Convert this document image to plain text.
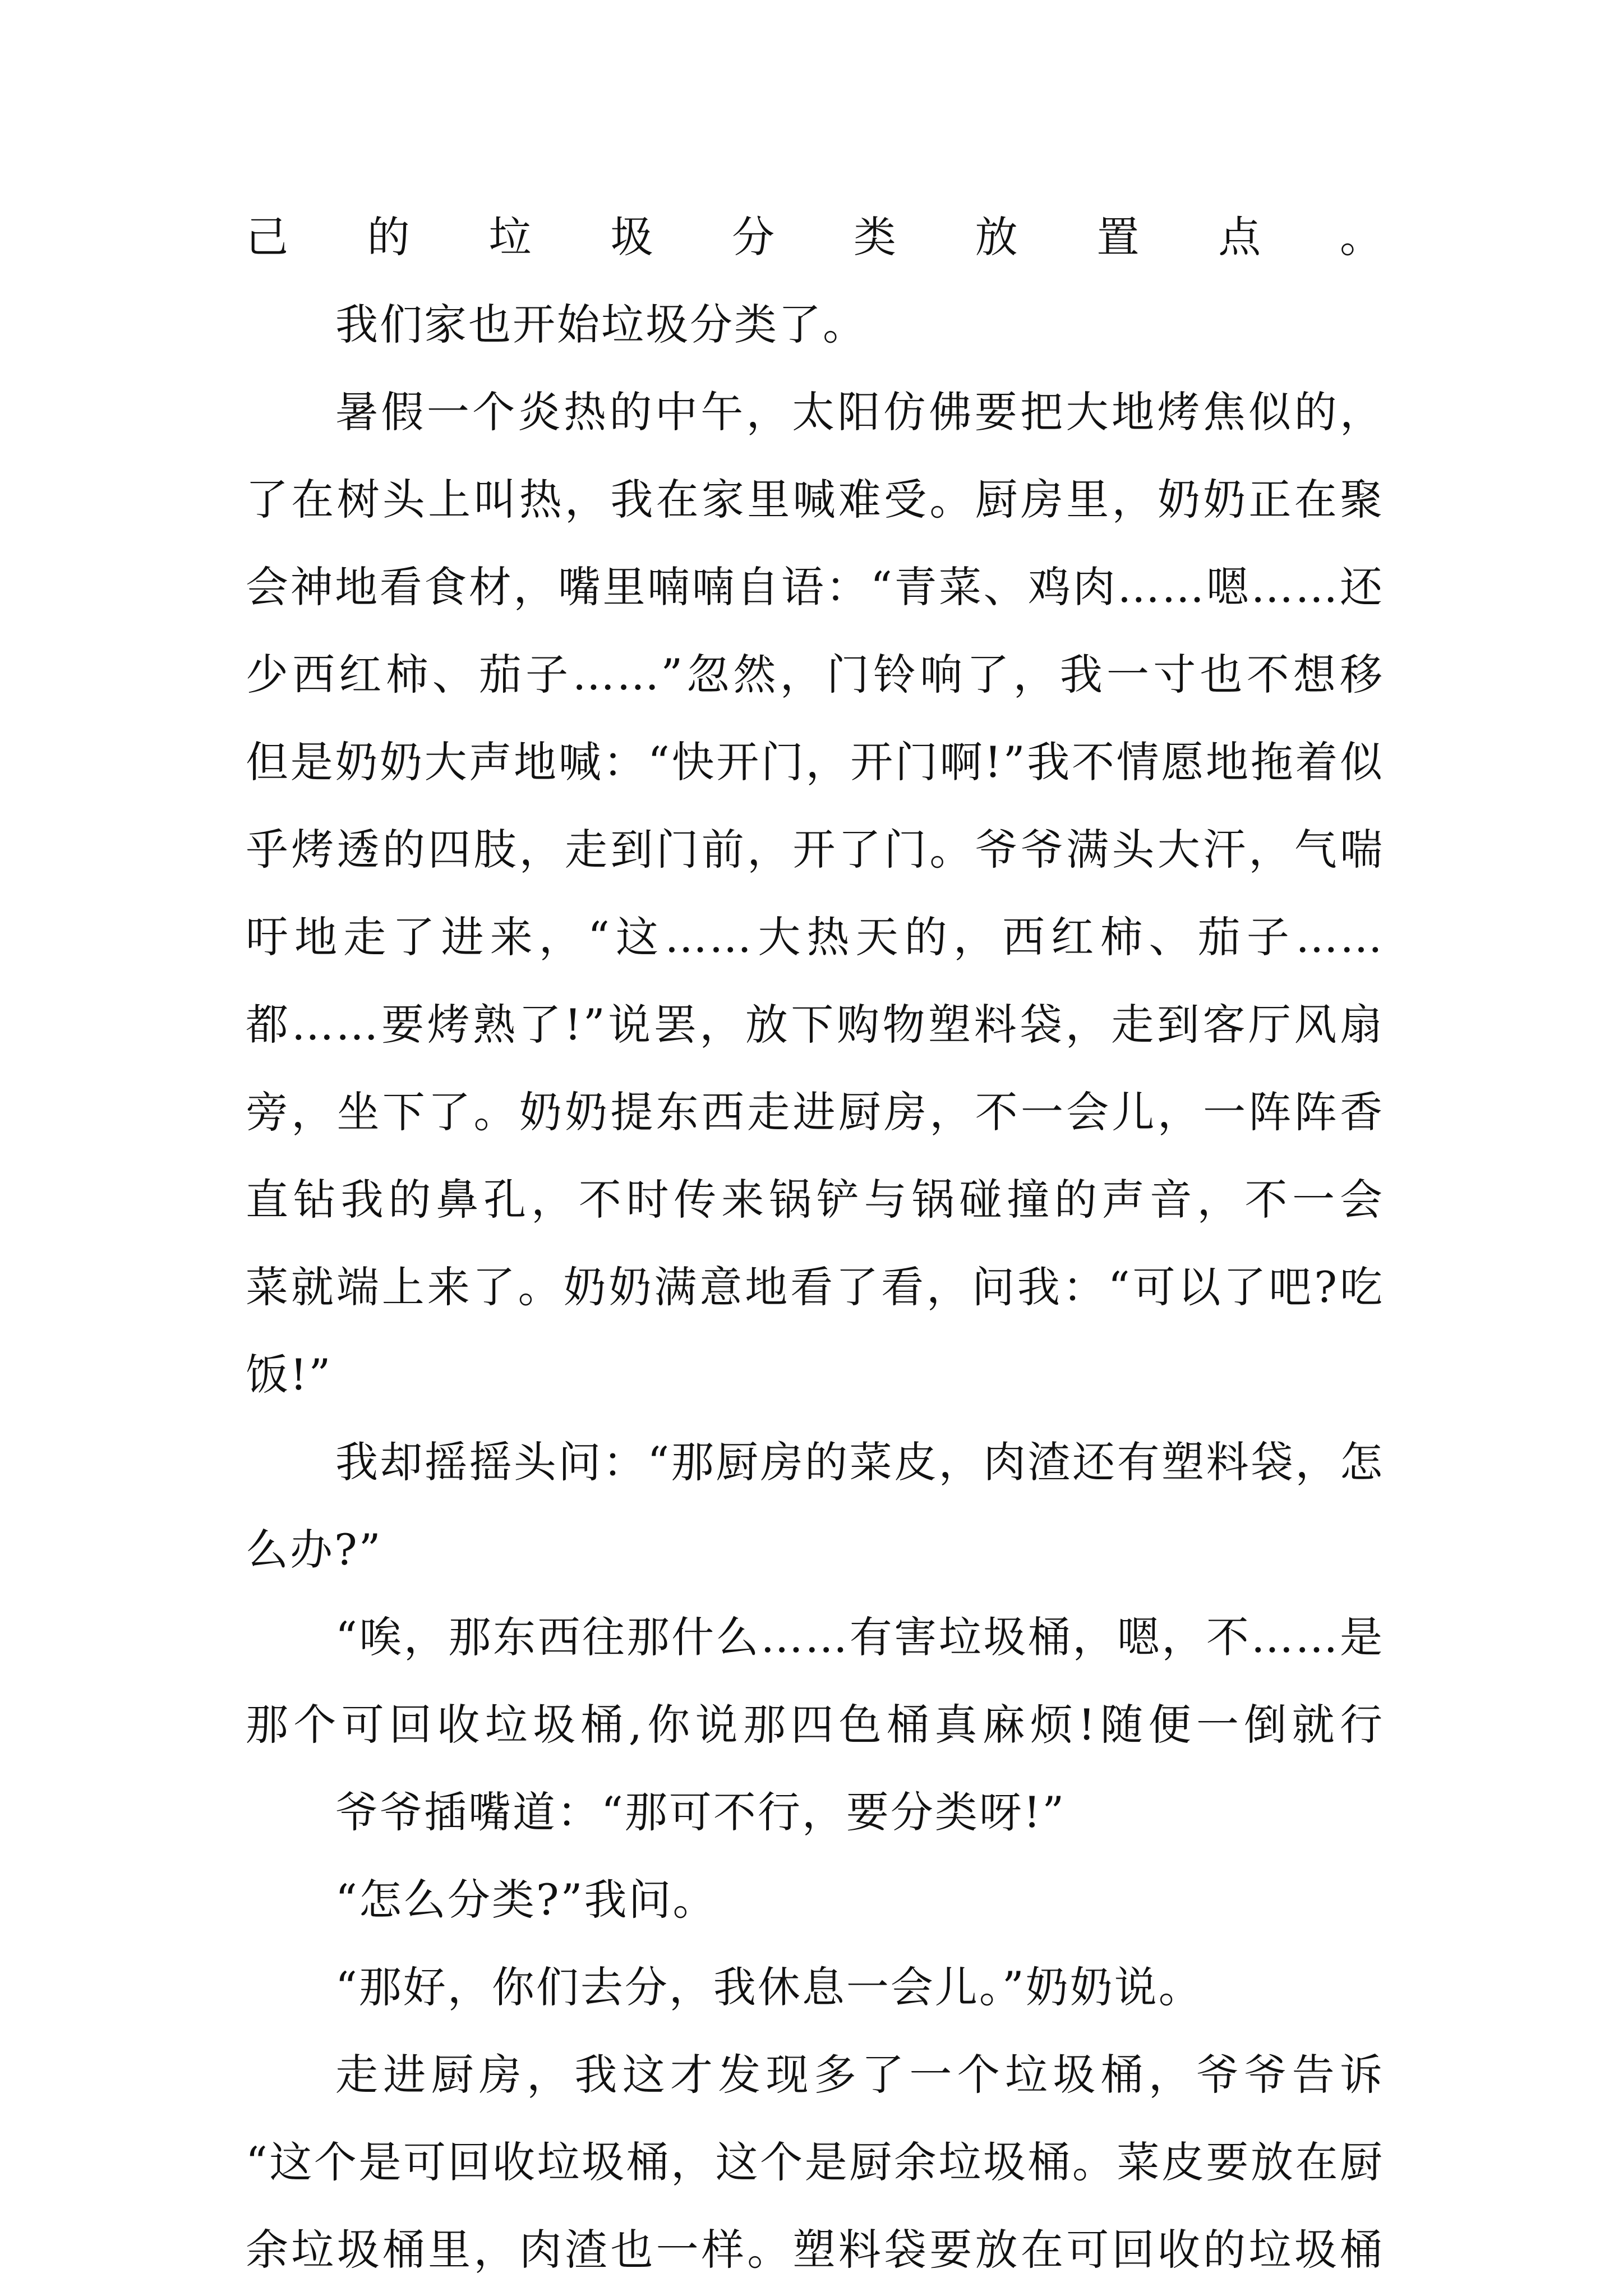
己的垃圾分类放置点。
我们家也开始垃圾分类了。
暑假一个炎热的中午，太阳仿佛要把大地烤焦似的，
了在树头上叫热，我在家里喊难受。厨房里，奶奶正在聚
会神地看食材，嘴里喃喃自语：“青菜、鸡肉……嗯……还
少西红柿、茄子……”忽然，门铃响了，我一寸也不想移
但是奶奶大声地喊：“快开门，开门啊!”我不情愿地拖着似
乎烤透的四肢，走到门前，开了门。爷爷满头大汗，气喘
吁地走了进来，“这……大热天的，西红柿、茄子……
都……要烤熟了!”说罢，放下购物塑料袋，走到客厅风扇
旁，坐下了。奶奶提东西走进厨房，不一会儿，一阵阵香
直钻我的鼻孔，不时传来锅铲与锅碰撞的声音，不一会
菜就端上来了。奶奶满意地看了看，问我：“可以了吧?吃
饭!”
我却摇摇头问：“那厨房的菜皮，肉渣还有塑料袋，怎
么办?”
“唉，那东西往那什么……有害垃圾桶，嗯，不……是
那个可回收垃圾桶,你说那四色桶真麻烦!随便一倒就行
爷爷插嘴道：“那可不行，要分类呀!”
“怎么分类?”我问。
“那好，你们去分，我休息一会儿。”奶奶说。
走进厨房，我这才发现多了一个垃圾桶，爷爷告诉
“这个是可回收垃圾桶，这个是厨余垃圾桶。菜皮要放在厨
余垃圾桶里，肉渣也一样。塑料袋要放在可回收的垃圾桶
